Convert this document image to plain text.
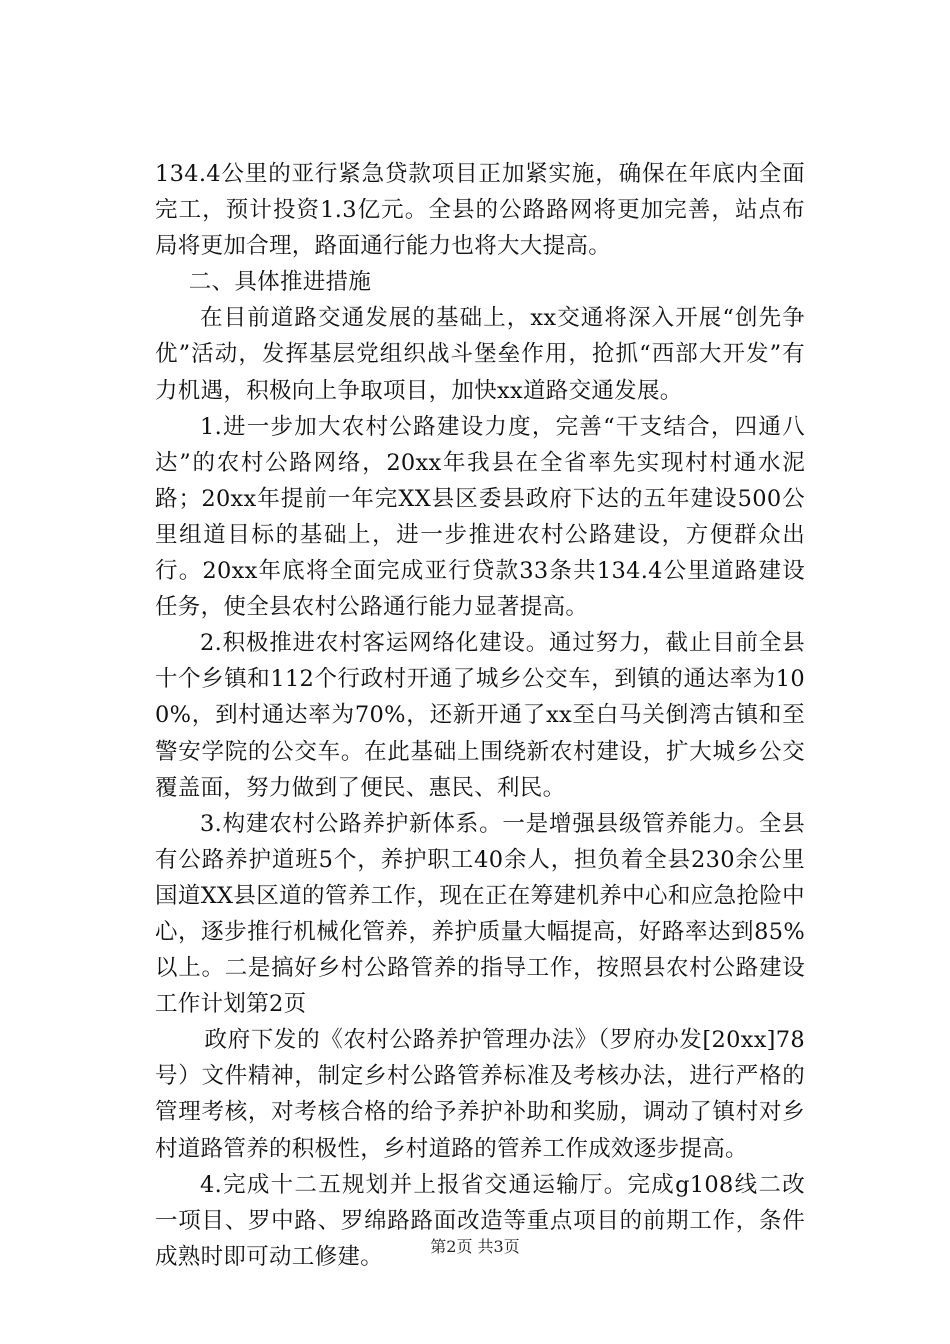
134.4公里的亚行紧急贷款项目正加紧实施，确保在年底内全面完工，预计投资1.3亿元。全县的公路路网将更加完善，站点布局将更加合理，路面通行能力也将大大提高。

二、具体推进措施

在目前道路交通发展的基础上，xx交通将深入开展“创先争优”活动，发挥基层党组织战斗堡垒作用，抢抓“西部大开发”有力机遇，积极向上争取项目，加快xx道路交通发展。

1.进一步加大农村公路建设力度，完善“干支结合，四通八达”的农村公路网络，20xx年我县在全省率先实现村村通水泥路；20xx年提前一年完XX县区委县政府下达的五年建设500公里组道目标的基础上，进一步推进农村公路建设，方便群众出行。20xx年底将全面完成亚行贷款33条共134.4公里道路建设任务，使全县农村公路通行能力显著提高。

2.积极推进农村客运网络化建设。通过努力，截止目前全县十个乡镇和112个行政村开通了城乡公交车，到镇的通达率为100%，到村通达率为70%，还新开通了xx至白马关倒湾古镇和至警安学院的公交车。在此基础上围绕新农村建设，扩大城乡公交覆盖面，努力做到了便民、惠民、利民。

3.构建农村公路养护新体系。一是增强县级管养能力。全县有公路养护道班5个，养护职工40余人，担负着全县230余公里国道XX县区道的管养工作，现在正在筹建机养中心和应急抢险中心，逐步推行机械化管养，养护质量大幅提高，好路率达到85%以上。二是搞好乡村公路管养的指导工作，按照县农村公路建设工作计划第2页

政府下发的《农村公路养护管理办法》（罗府办发[20xx]78号）文件精神，制定乡村公路管养标准及考核办法，进行严格的管理考核，对考核合格的给予养护补助和奖励，调动了镇村对乡村道路管养的积极性，乡村道路的管养工作成效逐步提高。

4.完成十二五规划并上报省交通运输厅。完成g108线二改一项目、罗中路、罗绵路路面改造等重点项目的前期工作，条件成熟时即可动工修建。	第2页 共3页
